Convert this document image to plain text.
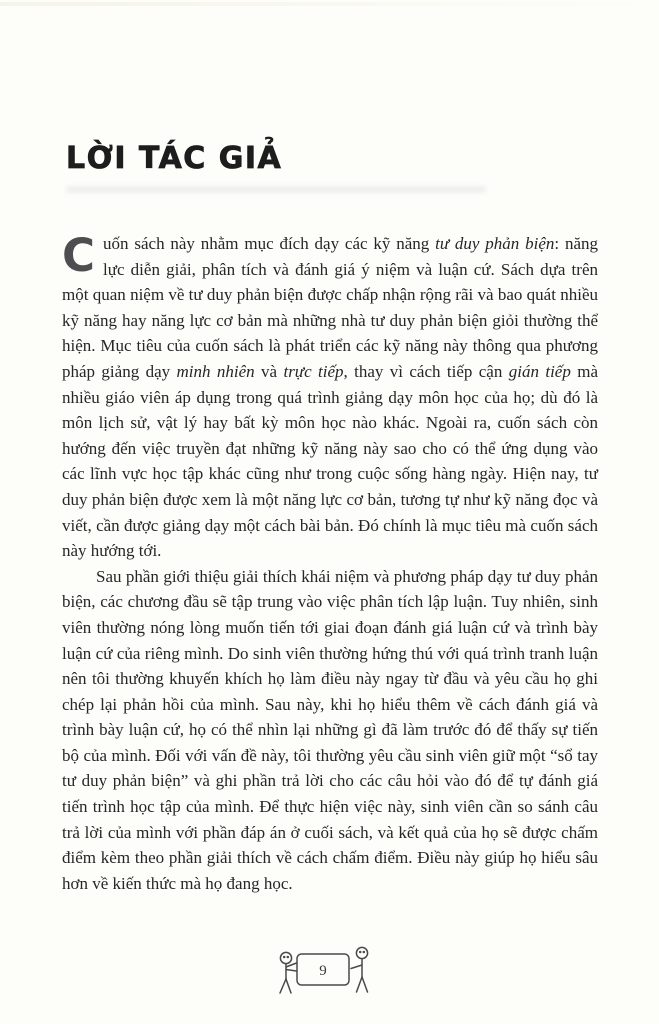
LỜI TÁC GIẢ

Cuốn sách này nhằm mục đích dạy các kỹ năng tư duy phản biện: năng lực diễn giải, phân tích và đánh giá ý niệm và luận cứ. Sách dựa trên một quan niệm về tư duy phản biện được chấp nhận rộng rãi và bao quát nhiều kỹ năng hay năng lực cơ bản mà những nhà tư duy phản biện giỏi thường thể hiện. Mục tiêu của cuốn sách là phát triển các kỹ năng này thông qua phương pháp giảng dạy minh nhiên và trực tiếp, thay vì cách tiếp cận gián tiếp mà nhiều giáo viên áp dụng trong quá trình giảng dạy môn học của họ; dù đó là môn lịch sử, vật lý hay bất kỳ môn học nào khác. Ngoài ra, cuốn sách còn hướng đến việc truyền đạt những kỹ năng này sao cho có thể ứng dụng vào các lĩnh vực học tập khác cũng như trong cuộc sống hàng ngày. Hiện nay, tư duy phản biện được xem là một năng lực cơ bản, tương tự như kỹ năng đọc và viết, cần được giảng dạy một cách bài bản. Đó chính là mục tiêu mà cuốn sách này hướng tới.

Sau phần giới thiệu giải thích khái niệm và phương pháp dạy tư duy phản biện, các chương đầu sẽ tập trung vào việc phân tích lập luận. Tuy nhiên, sinh viên thường nóng lòng muốn tiến tới giai đoạn đánh giá luận cứ và trình bày luận cứ của riêng mình. Do sinh viên thường hứng thú với quá trình tranh luận nên tôi thường khuyến khích họ làm điều này ngay từ đầu và yêu cầu họ ghi chép lại phản hồi của mình. Sau này, khi họ hiểu thêm về cách đánh giá và trình bày luận cứ, họ có thể nhìn lại những gì đã làm trước đó để thấy sự tiến bộ của mình. Đối với vấn đề này, tôi thường yêu cầu sinh viên giữ một “sổ tay tư duy phản biện” và ghi phần trả lời cho các câu hỏi vào đó để tự đánh giá tiến trình học tập của mình. Để thực hiện việc này, sinh viên cần so sánh câu trả lời của mình với phần đáp án ở cuối sách, và kết quả của họ sẽ được chấm điểm kèm theo phần giải thích về cách chấm điểm. Điều này giúp họ hiểu sâu hơn về kiến thức mà họ đang học.

9
